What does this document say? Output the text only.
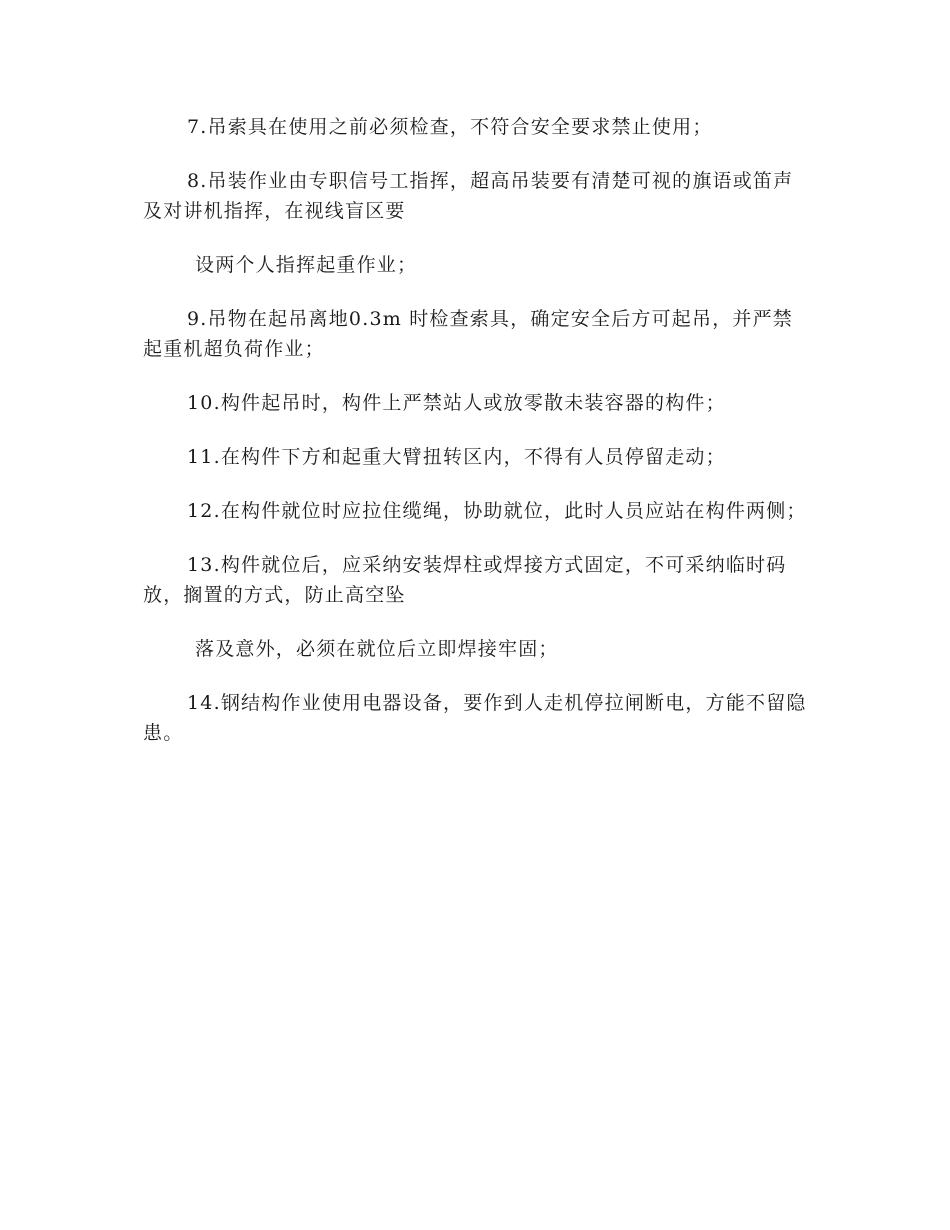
7.吊索具在使用之前必须检查，不符合安全要求禁止使用；

8.吊装作业由专职信号工指挥，超高吊装要有清楚可视的旗语或笛声及对讲机指挥，在视线盲区要

设两个人指挥起重作业；

9.吊物在起吊离地0.3m 时检查索具，确定安全后方可起吊，并严禁起重机超负荷作业；

10.构件起吊时，构件上严禁站人或放零散未装容器的构件；

11.在构件下方和起重大臂扭转区内，不得有人员停留走动；

12.在构件就位时应拉住缆绳，协助就位，此时人员应站在构件两侧；

13.构件就位后，应采纳安装焊柱或焊接方式固定，不可采纳临时码放，搁置的方式，防止高空坠

落及意外，必须在就位后立即焊接牢固；

14.钢结构作业使用电器设备，要作到人走机停拉闸断电，方能不留隐患。
